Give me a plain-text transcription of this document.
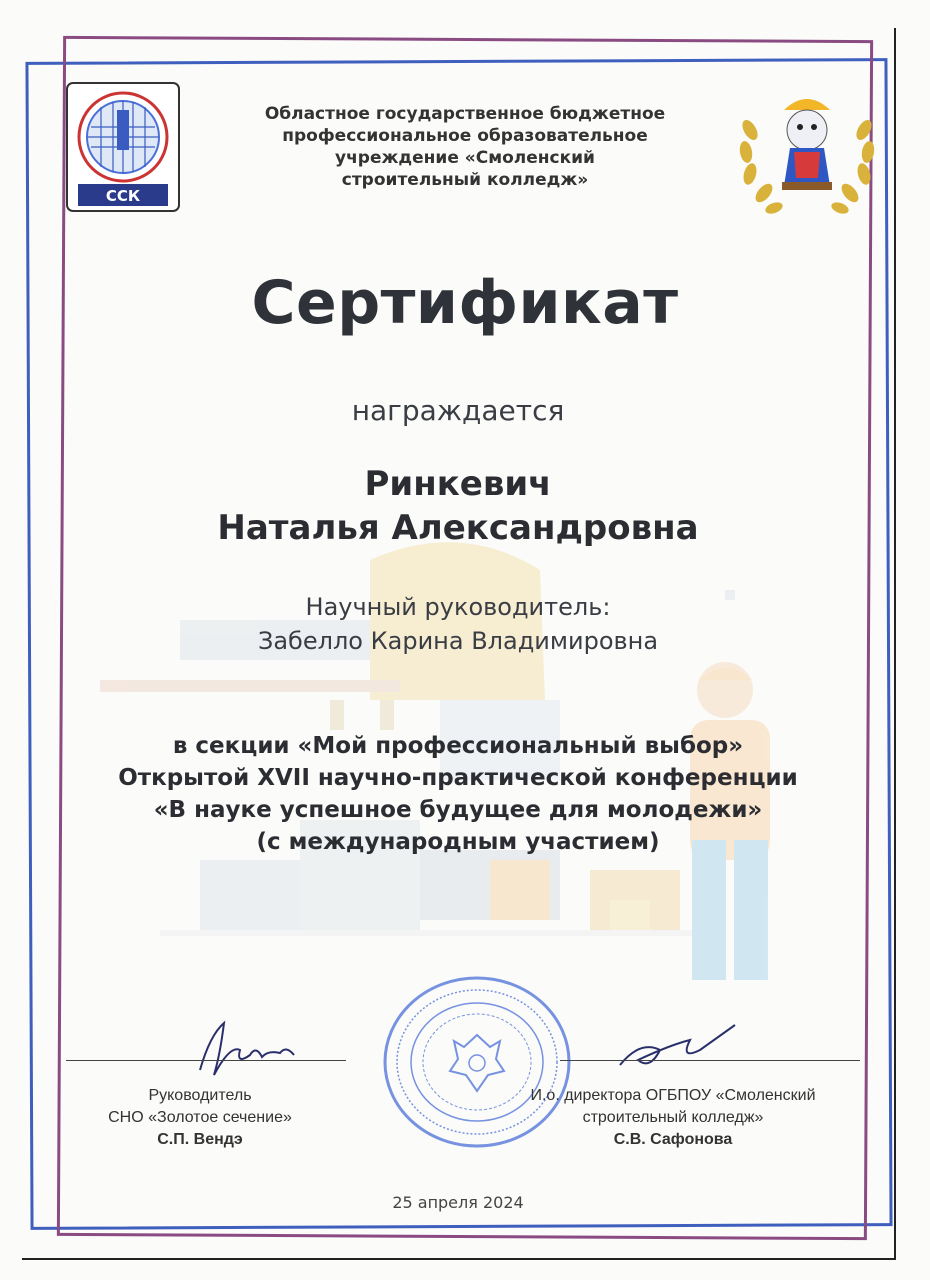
ССК
Областное государственное бюджетное
профессиональное образовательное
учреждение «Смоленский
строительный колледж»
Сертификат
награждается
Ринкевич
Наталья Александровна
Научный руководитель:
Забелло Карина Владимировна
в секции «Мой профессиональный выбор»
Открытой XVII научно-практической конференции
«В науке успешное будущее для молодежи»
(с международным участием)
Руководитель
СНО «Золотое сечение»
С.П. Вендэ
И.о. директора ОГБПОУ «Смоленский
строительный колледж»
С.В. Сафонова
25 апреля 2024
